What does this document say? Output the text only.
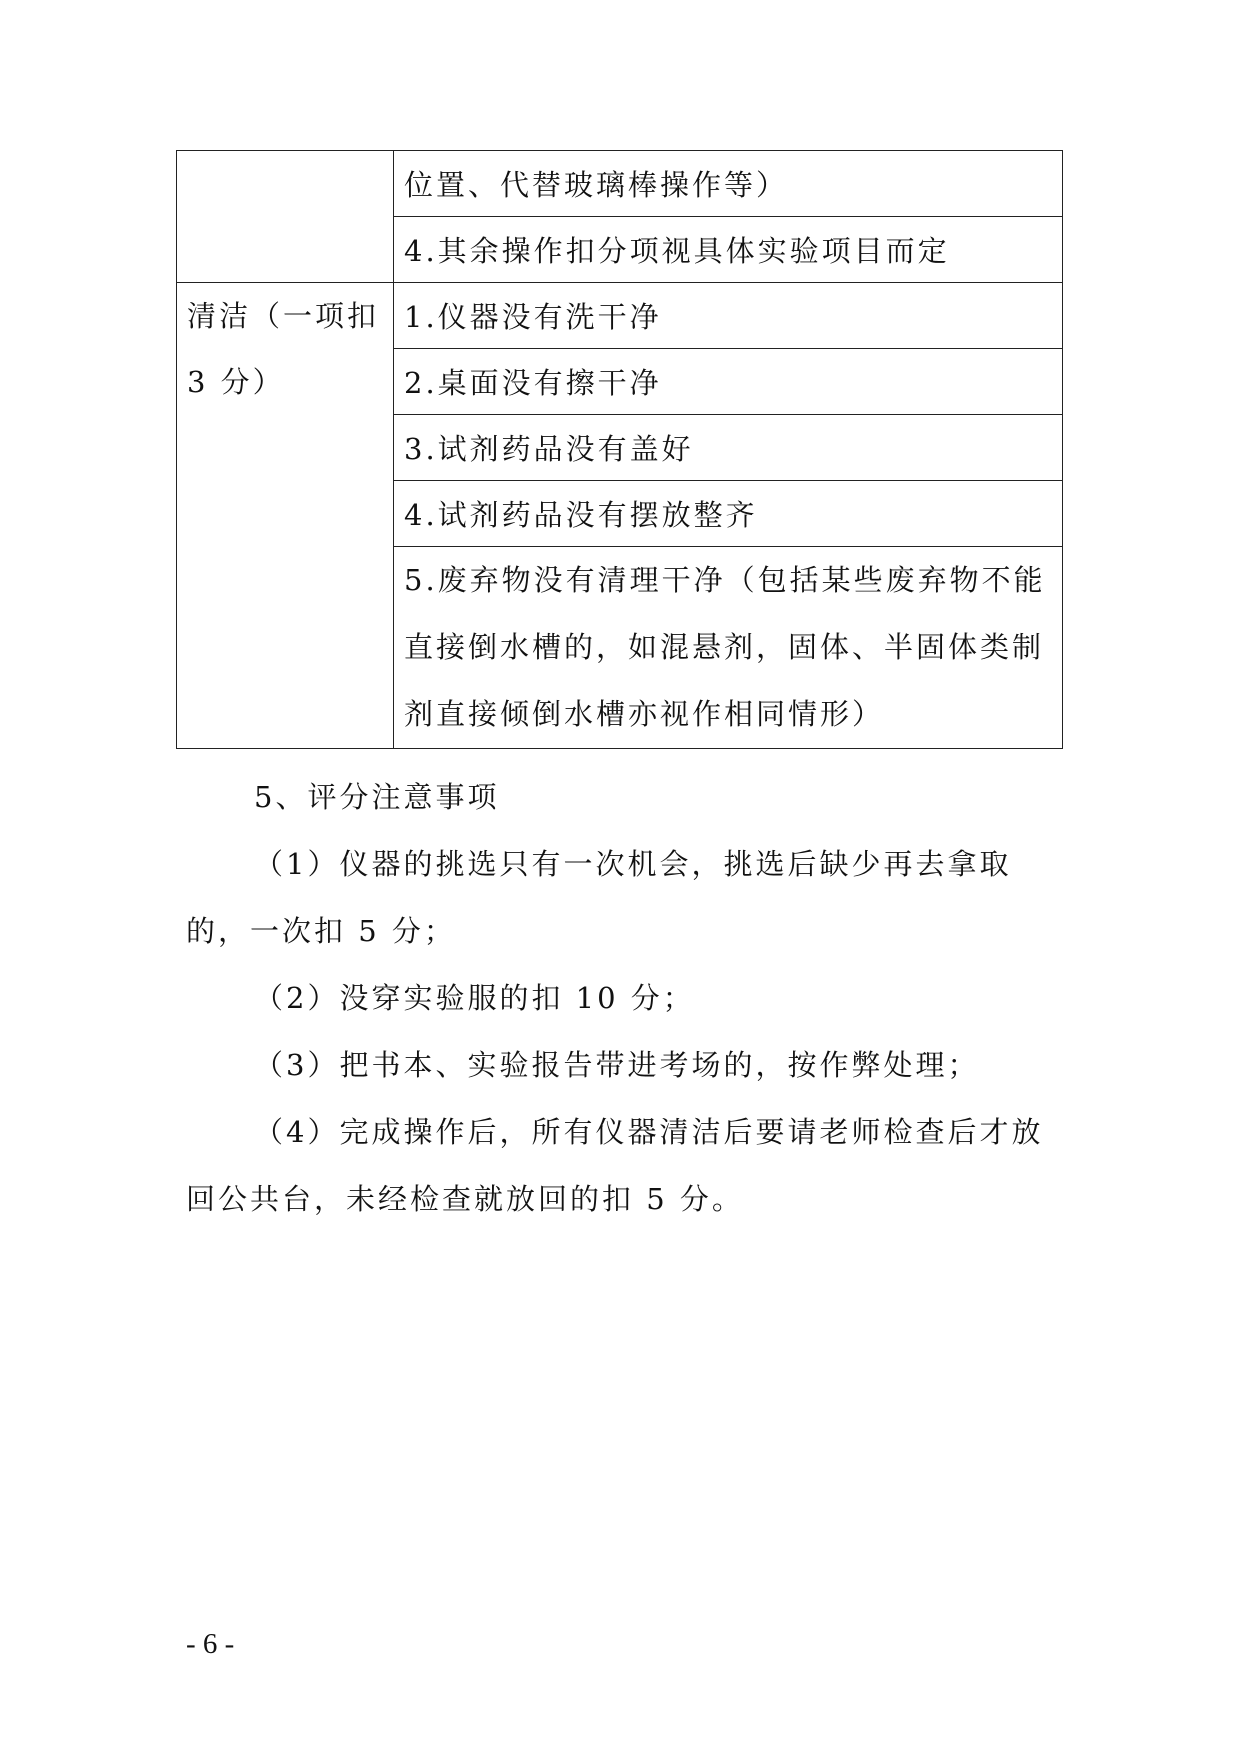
	位置、代替玻璃棒操作等）
	4.其余操作扣分项视具体实验项目而定
清洁（一项扣 3 分）	1.仪器没有洗干净
	2.桌面没有擦干净
	3.试剂药品没有盖好
	4.试剂药品没有摆放整齐
	5.废弃物没有清理干净（包括某些废弃物不能直接倒水槽的，如混悬剂，固体、半固体类制剂直接倾倒水槽亦视作相同情形）

5、评分注意事项

（1）仪器的挑选只有一次机会，挑选后缺少再去拿取的，一次扣 5 分；

（2）没穿实验服的扣 10 分；

（3）把书本、实验报告带进考场的，按作弊处理；

（4）完成操作后，所有仪器清洁后要请老师检查后才放回公共台，未经检查就放回的扣 5 分。

- 6 -
